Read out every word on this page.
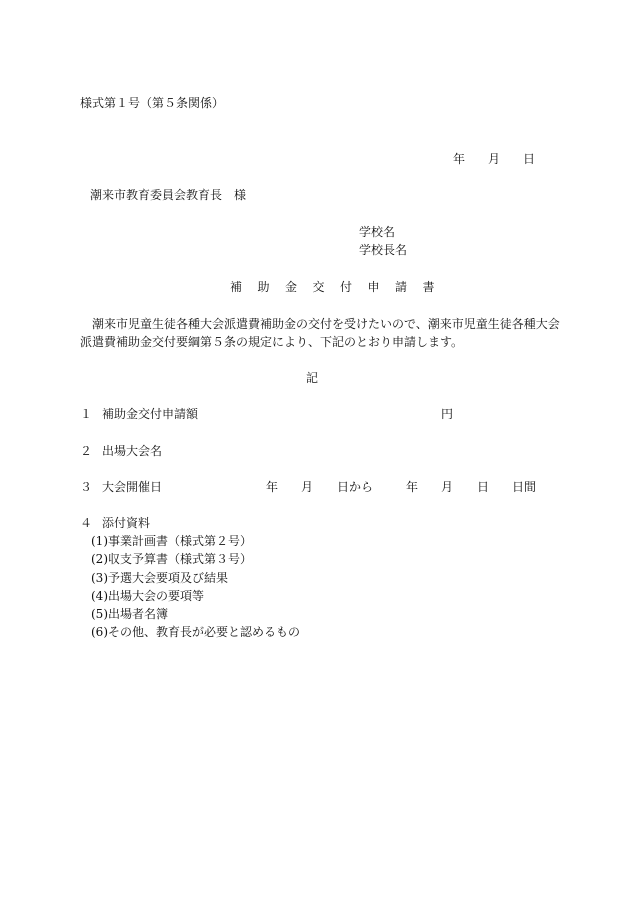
様式第１号（第５条関係）
年 月 日
潮来市教育委員会教育長　様
学校名
学校長名
補助金交付申請書
潮来市児童生徒各種大会派遣費補助金の交付を受けたいので、潮来市児童生徒各種大会
派遣費補助金交付要綱第５条の規定により、下記のとおり申請します。
記
１ 補助金交付申請額	円
２ 出場大会名
３ 大会開催日	年 月 日から	年 月 日 日間
４ 添付資料
(1)事業計画書（様式第２号）
(2)収支予算書（様式第３号）
(3)予選大会要項及び結果
(4)出場大会の要項等
(5)出場者名簿
(6)その他、教育長が必要と認めるもの
